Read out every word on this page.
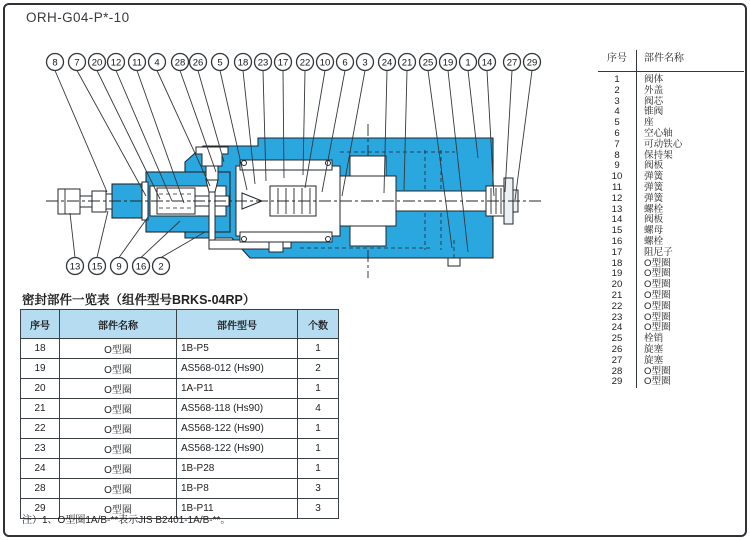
ORH-G04-P*-10
8 7 20 12 11 4 28 26 5 18 23 17 22 10 6 3 24 21 25 19 1 14 27 29
13 15 9 16 2
序号	部件名称
1	阀体
2	外盖
3	阀芯
4	锥阀
5	座
6	空心轴
7	可动铁心
8	保持架
9	阀板
10	弹簧
11	弹簧
12	弹簧
13	螺栓
14	阀板
15	螺母
16	螺栓
17	阻尼子
18	O型圈
19	O型圈
20	O型圈
21	O型圈
22	O型圈
23	O型圈
24	O型圈
25	栓销
26	旋塞
27	旋塞
28	O型圈
29	O型圈
密封部件一览表（组件型号BRKS-04RP）
序号	部件名称	部件型号	个数
18	O型圈	1B-P5	1
19	O型圈	AS568-012 (Hs90)	2
20	O型圈	1A-P11	1
21	O型圈	AS568-118 (Hs90)	4
22	O型圈	AS568-122 (Hs90)	1
23	O型圈	AS568-122 (Hs90)	1
24	O型圈	1B-P28	1
28	O型圈	1B-P8	3
29	O型圈	1B-P11	3
注）1、O型圈1A/B-**表示JIS B2401-1A/B-**。
